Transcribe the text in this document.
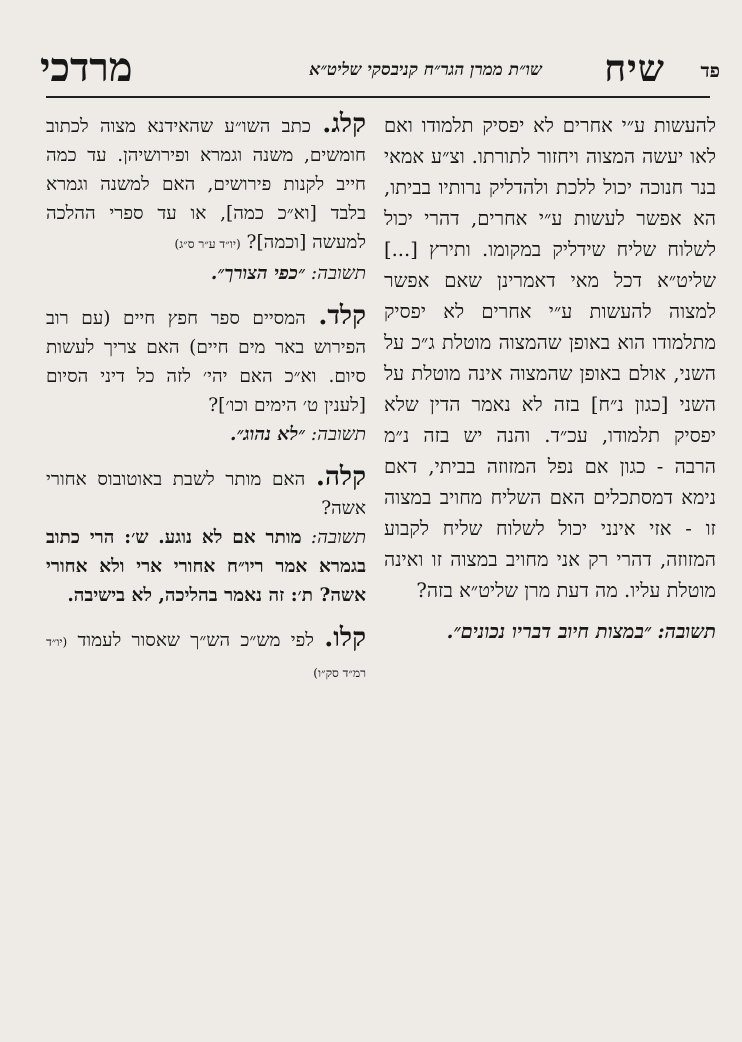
פד
שיח
שו״ת ממרן הגר״ח קניבסקי שליט״א
מרדכי

להעשות ע״י אחרים לא יפסיק תלמודו ואם לאו יעשה המצוה ויחזור לתורתו. וצ״ע אמאי בנר חנוכה יכול ללכת ולהדליק נרותיו בביתו, הא אפשר לעשות ע״י אחרים, דהרי יכול לשלוח שליח שידליק במקומו. ותירץ [...] שליט״א דכל מאי דאמרינן שאם אפשר למצוה להעשות ע״י אחרים לא יפסיק מתלמודו הוא באופן שהמצוה מוטלת ג״כ על השני, אולם באופן שהמצוה אינה מוטלת על השני [כגון נ״ח] בזה לא נאמר הדין שלא יפסיק תלמודו, עכ״ד. והנה יש בזה נ״מ הרבה - כגון אם נפל המזוזה בביתי, דאם נימא דמסתכלים האם השליח מחויב במצוה זו - אזי אינני יכול לשלוח שליח לקבוע המזוזה, דהרי רק אני מחויב במצוה זו ואינה מוטלת עליו. מה דעת מרן שליט״א בזה?

תשובה: ״במצות חיוב דבריו נכונים״.

קלג. כתב השו״ע שהאידנא מצוה לכתוב חומשים, משנה וגמרא ופירושיהן. עד כמה חייב לקנות פירושים, האם למשנה וגמרא בלבד [וא״כ כמה], או עד ספרי ההלכה למעשה [וכמה]? (יו״ד ע״ר ס״ג)
תשובה: ״כפי הצורך״.
קלד. המסיים ספר חפץ חיים (עם רוב הפירוש באר מים חיים) האם צריך לעשות סיום. וא״כ האם יהי׳ לזה כל דיני הסיום [לענין ט׳ הימים וכו׳]?
תשובה: ״לא נהוג״.
קלה. האם מותר לשבת באוטובוס אחורי אשה?
תשובה: מותר אם לא נוגע. ש׳: הרי כתוב בגמרא אמר ריו״ח אחורי ארי ולא אחורי אשה? ת׳: זה נאמר בהליכה, לא בישיבה.
קלו. לפי מש״כ הש״ך שאסור לעמוד (יו״ד רמ״ד סק״ו)
